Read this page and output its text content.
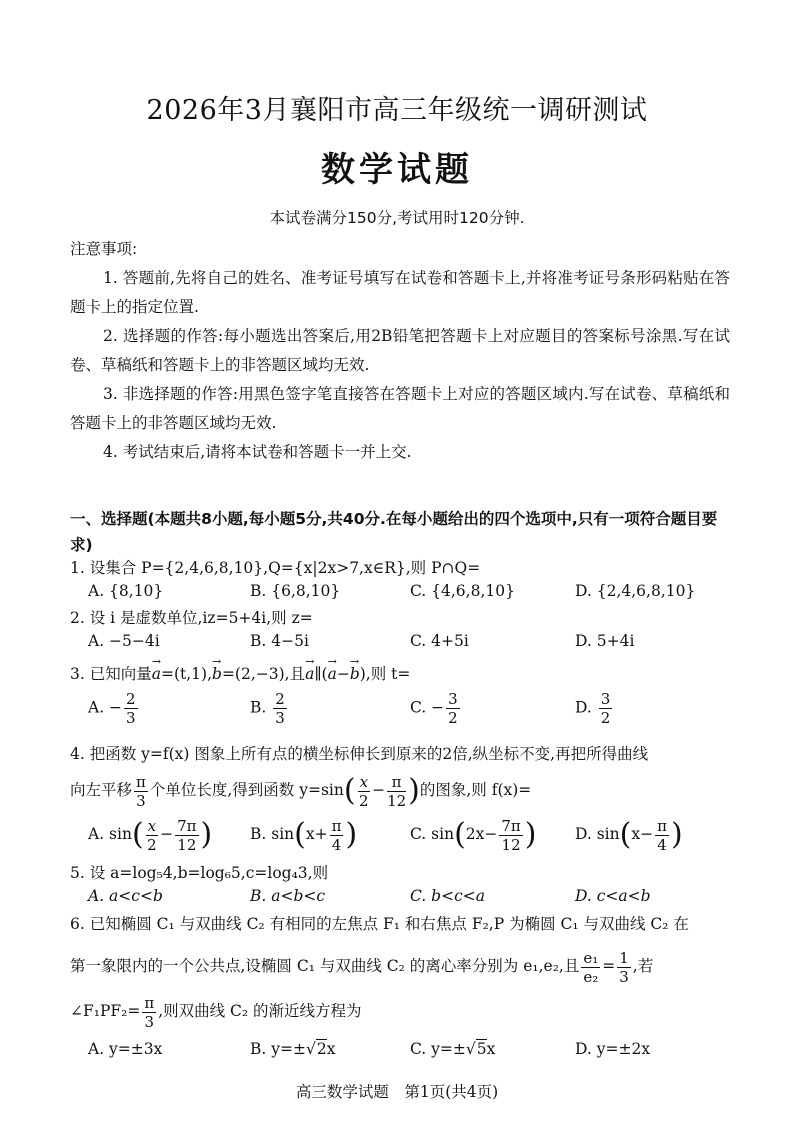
2026年3月襄阳市高三年级统一调研测试
数学试题
本试卷满分150分,考试用时120分钟.
注意事项:
1. 答题前,先将自己的姓名、准考证号填写在试卷和答题卡上,并将准考证号条形码粘贴在答题卡上的指定位置.
2. 选择题的作答:每小题选出答案后,用2B铅笔把答题卡上对应题目的答案标号涂黑.写在试卷、草稿纸和答题卡上的非答题区域均无效.
3. 非选择题的作答:用黑色签字笔直接答在答题卡上对应的答题区域内.写在试卷、草稿纸和答题卡上的非答题区域均无效.
4. 考试结束后,请将本试卷和答题卡一并上交.
一、选择题(本题共8小题,每小题5分,共40分.在每小题给出的四个选项中,只有一项符合题目要求)
1. 设集合 P={2,4,6,8,10},Q={x|2x>7,x∈R},则 P∩Q=
A. {8,10}	B. {6,8,10}	C. {4,6,8,10}	D. {2,4,6,8,10}
2. 设 i 是虚数单位,iz=5+4i,则 z=
A. −5−4i	B. 4−5i	C. 4+5i	D. 5+4i
3. 已知向量→ a=(t,1),→ b=(2,−3),且→ a∥(→ a−→ b),则 t=
A. − $\frac{2}{3}$	B. $\frac{2}{3}$	C. − $\frac{3}{2}$	D. $\frac{3}{2}$
4. 把函数 y=f(x) 图象上所有点的横坐标伸长到原来的2倍,纵坐标不变,再把所得曲线
向左平移 $\frac{\pi}{3}$ 个单位长度,得到函数 $y=\sin( \frac{x}{2} - \frac{\pi}{12}$ )的图象,则 f(x)=
A. $\sin( \frac{x}{2} - \frac{7\pi}{12}$ ) B. $\sin(x+ \frac{\pi}{4}$ )	C. $\sin(2x- \frac{7\pi}{12}$ ) D. $\sin(x- \frac{\pi}{4}$ )
5. 设 a=log₅4,b=log₆5,c=log₄3,则
A. a<c<b	B. a<b<c	C. b<c<a	D. c<a<b
6. 已知椭圆 C₁ 与双曲线 C₂ 有相同的左焦点 F₁ 和右焦点 F₂,P 为椭圆 C₁ 与双曲线 C₂ 在
第一象限内的一个公共点,设椭圆 C₁ 与双曲线 C₂ 的离心率分别为 e₁,e₂,且 $\frac{\text{e₁}}{\text{e₂}} = \frac{1}{3}$ ,若
∠F₁PF₂= $\frac{\pi}{3}$ ,则双曲线 C₂ 的渐近线方程为
A. y=±3x	B. y=±√2x	C. y=±√5x	D. y=±2x
高三数学试题　第1页(共4页)
